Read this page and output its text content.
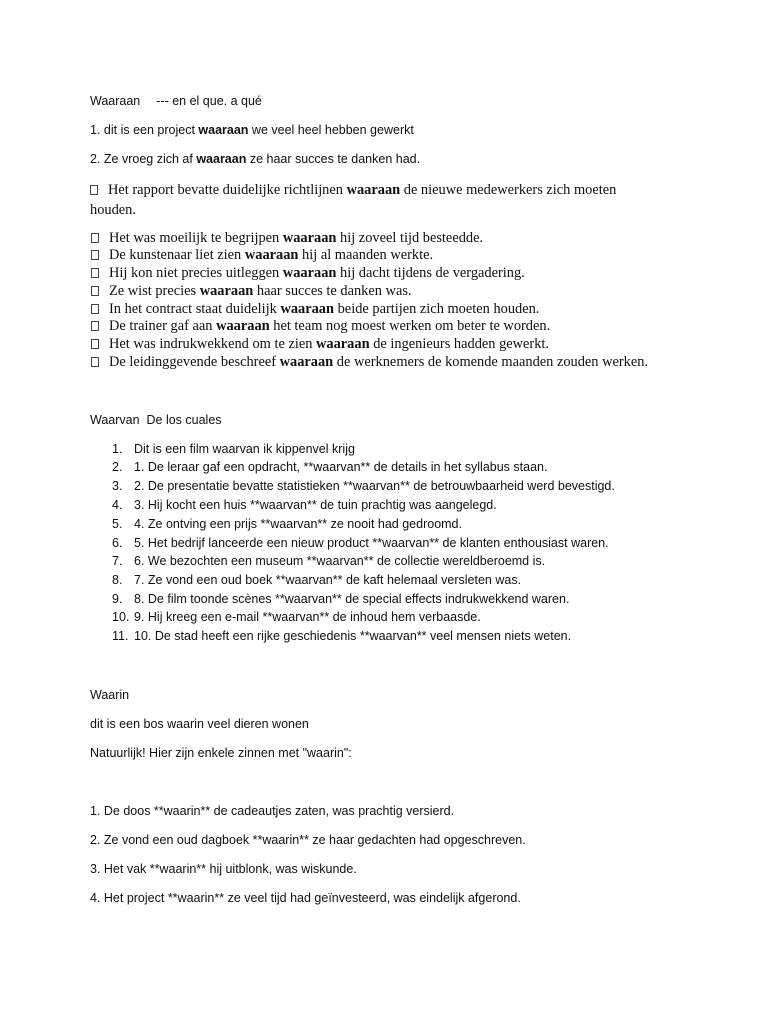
Waaraan --- en el que. a qué
1. dit is een project waaraan we veel heel hebben gewerkt
2. Ze vroeg zich af waaraan ze haar succes te danken had.
Het rapport bevatte duidelijke richtlijnen waaraan de nieuwe medewerkers zich moeten
houden.
Het was moeilijk te begrijpen waaraan hij zoveel tijd besteedde.
De kunstenaar liet zien waaraan hij al maanden werkte.
Hij kon niet precies uitleggen waaraan hij dacht tijdens de vergadering.
Ze wist precies waaraan haar succes te danken was.
In het contract staat duidelijk waaraan beide partijen zich moeten houden.
De trainer gaf aan waaraan het team nog moest werken om beter te worden.
Het was indrukwekkend om te zien waaraan de ingenieurs hadden gewerkt.
De leidinggevende beschreef waaraan de werknemers de komende maanden zouden werken.
Waarvan  De los cuales
1. Dit is een film waarvan ik kippenvel krijg
2. 1. De leraar gaf een opdracht, **waarvan** de details in het syllabus staan.
3. 2. De presentatie bevatte statistieken **waarvan** de betrouwbaarheid werd bevestigd.
4. 3. Hij kocht een huis **waarvan** de tuin prachtig was aangelegd.
5. 4. Ze ontving een prijs **waarvan** ze nooit had gedroomd.
6. 5. Het bedrijf lanceerde een nieuw product **waarvan** de klanten enthousiast waren.
7. 6. We bezochten een museum **waarvan** de collectie wereldberoemd is.
8. 7. Ze vond een oud boek **waarvan** de kaft helemaal versleten was.
9. 8. De film toonde scènes **waarvan** de special effects indrukwekkend waren.
10. 9. Hij kreeg een e-mail **waarvan** de inhoud hem verbaasde.
11. 10. De stad heeft een rijke geschiedenis **waarvan** veel mensen niets weten.
Waarin
dit is een bos waarin veel dieren wonen
Natuurlijk! Hier zijn enkele zinnen met "waarin":
1. De doos **waarin** de cadeautjes zaten, was prachtig versierd.
2. Ze vond een oud dagboek **waarin** ze haar gedachten had opgeschreven.
3. Het vak **waarin** hij uitblonk, was wiskunde.
4. Het project **waarin** ze veel tijd had geïnvesteerd, was eindelijk afgerond.
